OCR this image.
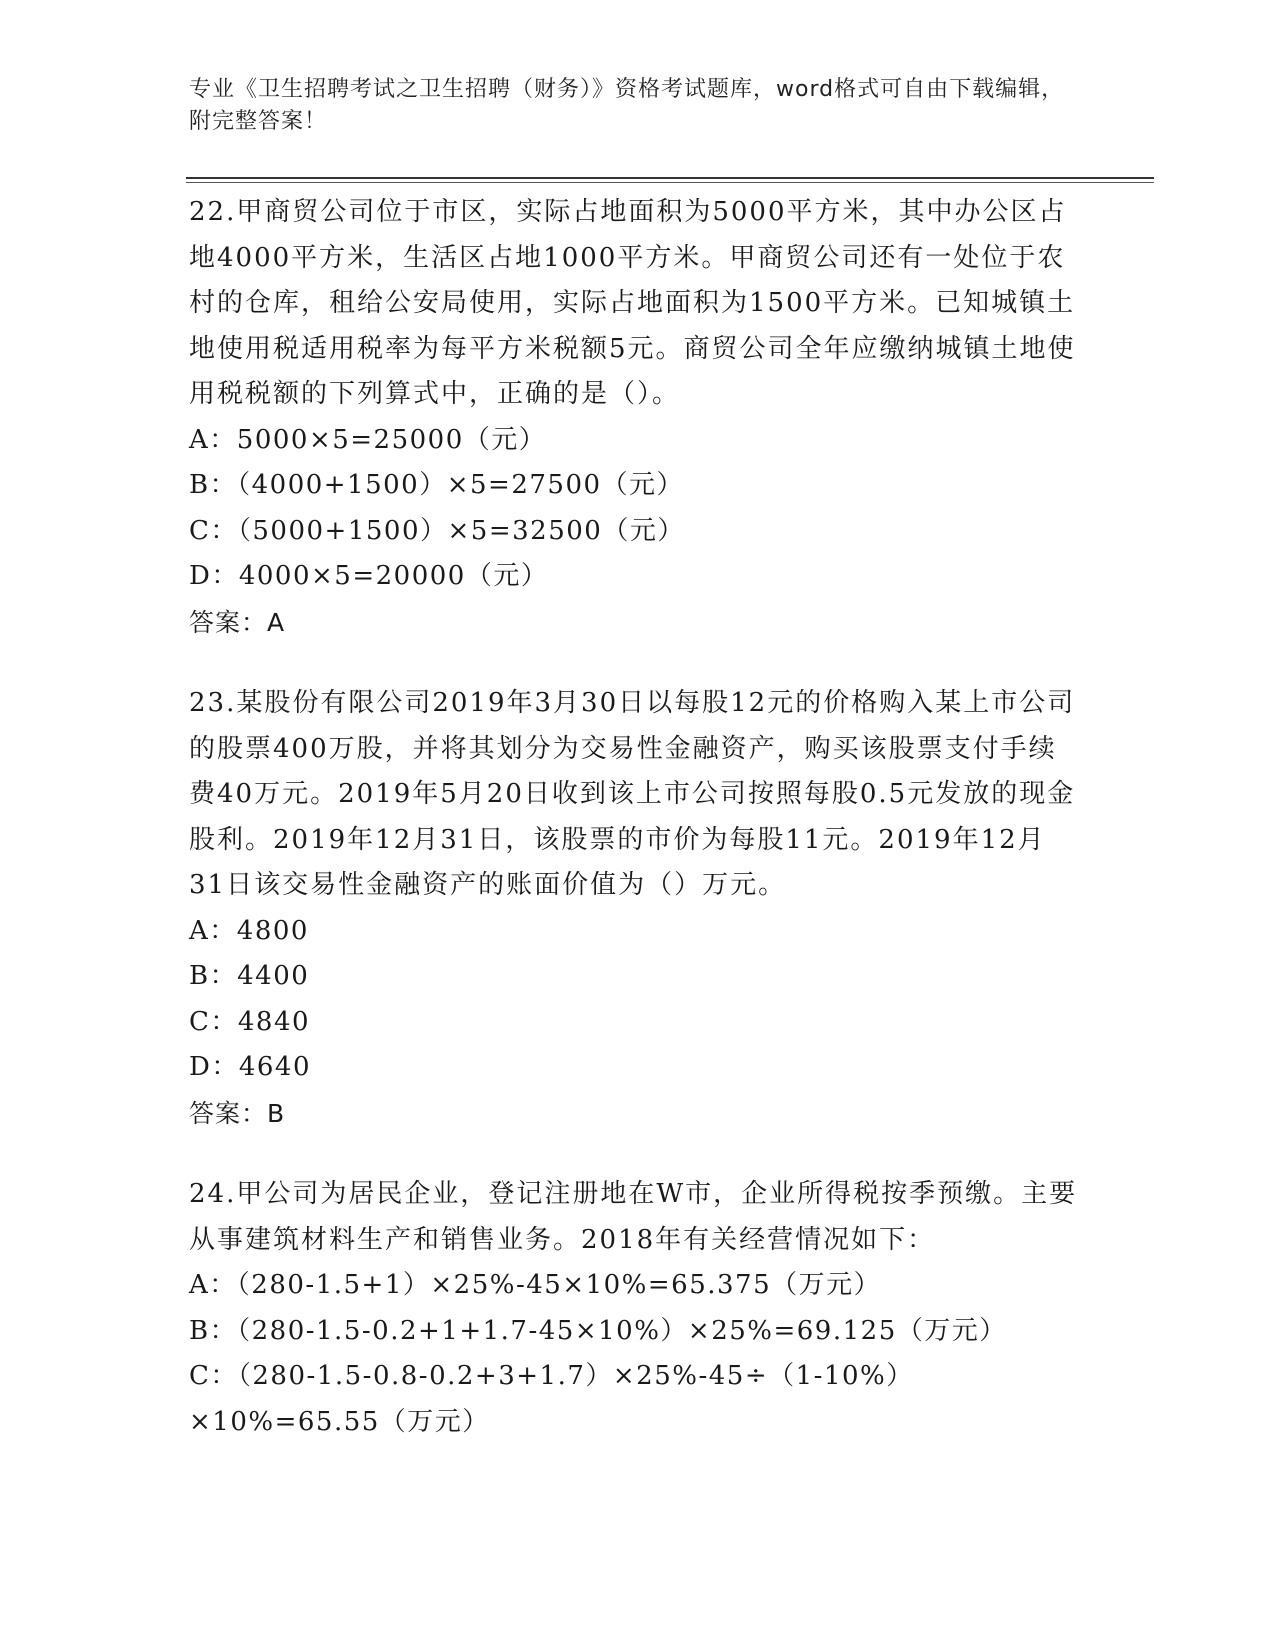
专业《卫生招聘考试之卫生招聘（财务）》资格考试题库，word格式可自由下载编辑，附完整答案！

22.甲商贸公司位于市区，实际占地面积为5000平方米，其中办公区占地4000平方米，生活区占地1000平方米。甲商贸公司还有一处位于农村的仓库，租给公安局使用，实际占地面积为1500平方米。已知城镇土地使用税适用税率为每平方米税额5元。商贸公司全年应缴纳城镇土地使用税税额的下列算式中，正确的是（）。

A：5000×5=25000（元）

B：（4000+1500）×5=27500（元）

C：（5000+1500）×5=32500（元）

D：4000×5=20000（元）

答案：A

23.某股份有限公司2019年3月30日以每股12元的价格购入某上市公司的股票400万股，并将其划分为交易性金融资产，购买该股票支付手续费40万元。2019年5月20日收到该上市公司按照每股0.5元发放的现金股利。2019年12月31日，该股票的市价为每股11元。2019年12月31日该交易性金融资产的账面价值为（）万元。

A：4800

B：4400

C：4840

D：4640

答案：B

24.甲公司为居民企业，登记注册地在W市，企业所得税按季预缴。主要从事建筑材料生产和销售业务。2018年有关经营情况如下：

A：（280-1.5+1）×25%-45×10%=65.375（万元）

B：（280-1.5-0.2+1+1.7-45×10%）×25%=69.125（万元）

C：（280-1.5-0.8-0.2+3+1.7）×25%-45÷（1-10%）×10%=65.55（万元）
